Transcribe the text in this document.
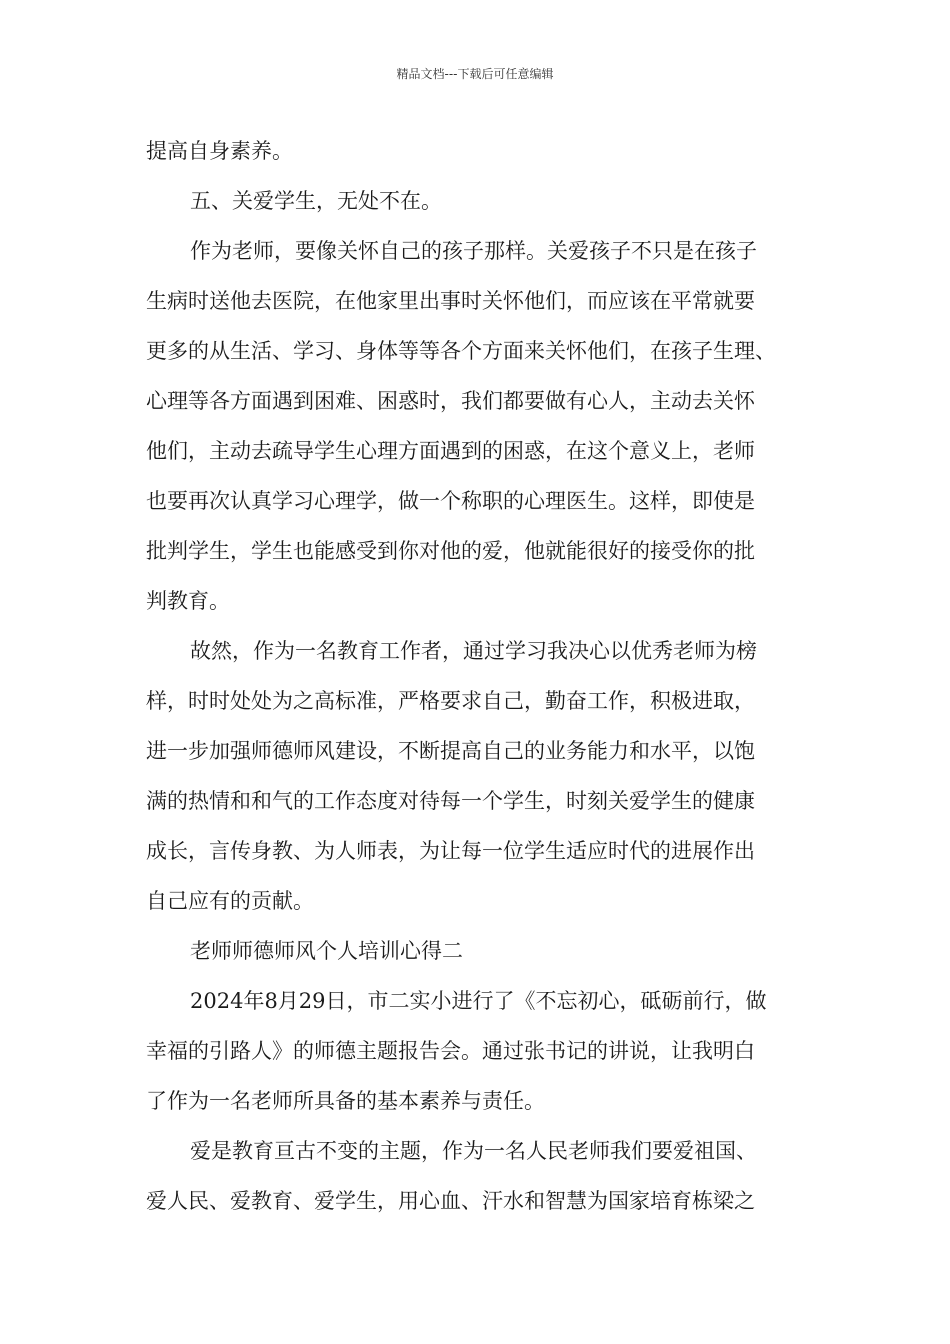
精品文档---下载后可任意编辑
提高自身素养。
五、关爱学生，无处不在。
作为老师，要像关怀自己的孩子那样。关爱孩子不只是在孩子
生病时送他去医院，在他家里出事时关怀他们，而应该在平常就要
更多的从生活、学习、身体等等各个方面来关怀他们，在孩子生理、
心理等各方面遇到困难、困惑时，我们都要做有心人，主动去关怀
他们，主动去疏导学生心理方面遇到的困惑，在这个意义上，老师
也要再次认真学习心理学，做一个称职的心理医生。这样，即使是
批判学生，学生也能感受到你对他的爱，他就能很好的接受你的批
判教育。
故然，作为一名教育工作者，通过学习我决心以优秀老师为榜
样，时时处处为之高标准，严格要求自己，勤奋工作，积极进取，
进一步加强师德师风建设，不断提高自己的业务能力和水平，以饱
满的热情和和气的工作态度对待每一个学生，时刻关爱学生的健康
成长，言传身教、为人师表，为让每一位学生适应时代的进展作出
自己应有的贡献。
老师师德师风个人培训心得二
2024年8月29日，市二实小进行了《不忘初心，砥砺前行，做
幸福的引路人》的师德主题报告会。通过张书记的讲说，让我明白
了作为一名老师所具备的基本素养与责任。
爱是教育亘古不变的主题，作为一名人民老师我们要爱祖国、
爱人民、爱教育、爱学生，用心血、汗水和智慧为国家培育栋梁之
